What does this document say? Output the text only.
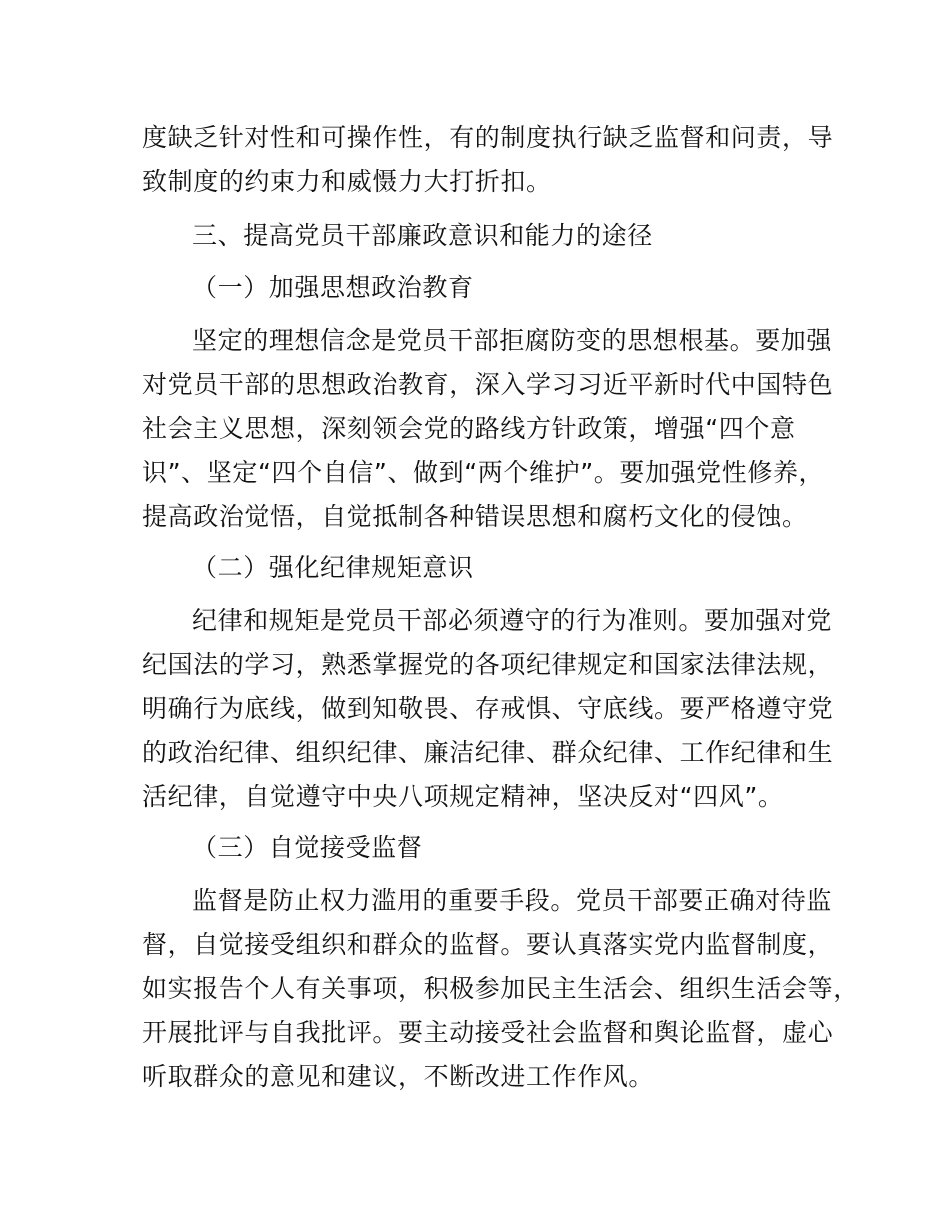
度缺乏针对性和可操作性，有的制度执行缺乏监督和问责，导
致制度的约束力和威慑力大打折扣。
三、提高党员干部廉政意识和能力的途径
（一）加强思想政治教育
坚定的理想信念是党员干部拒腐防变的思想根基。要加强
对党员干部的思想政治教育，深入学习习近平新时代中国特色
社会主义思想，深刻领会党的路线方针政策，增强“四个意
识”、坚定“四个自信”、做到“两个维护”。要加强党性修养，
提高政治觉悟，自觉抵制各种错误思想和腐朽文化的侵蚀。
（二）强化纪律规矩意识
纪律和规矩是党员干部必须遵守的行为准则。要加强对党
纪国法的学习，熟悉掌握党的各项纪律规定和国家法律法规，
明确行为底线，做到知敬畏、存戒惧、守底线。要严格遵守党
的政治纪律、组织纪律、廉洁纪律、群众纪律、工作纪律和生
活纪律，自觉遵守中央八项规定精神，坚决反对“四风”。
（三）自觉接受监督
监督是防止权力滥用的重要手段。党员干部要正确对待监
督，自觉接受组织和群众的监督。要认真落实党内监督制度，
如实报告个人有关事项，积极参加民主生活会、组织生活会等，
开展批评与自我批评。要主动接受社会监督和舆论监督，虚心
听取群众的意见和建议，不断改进工作作风。
